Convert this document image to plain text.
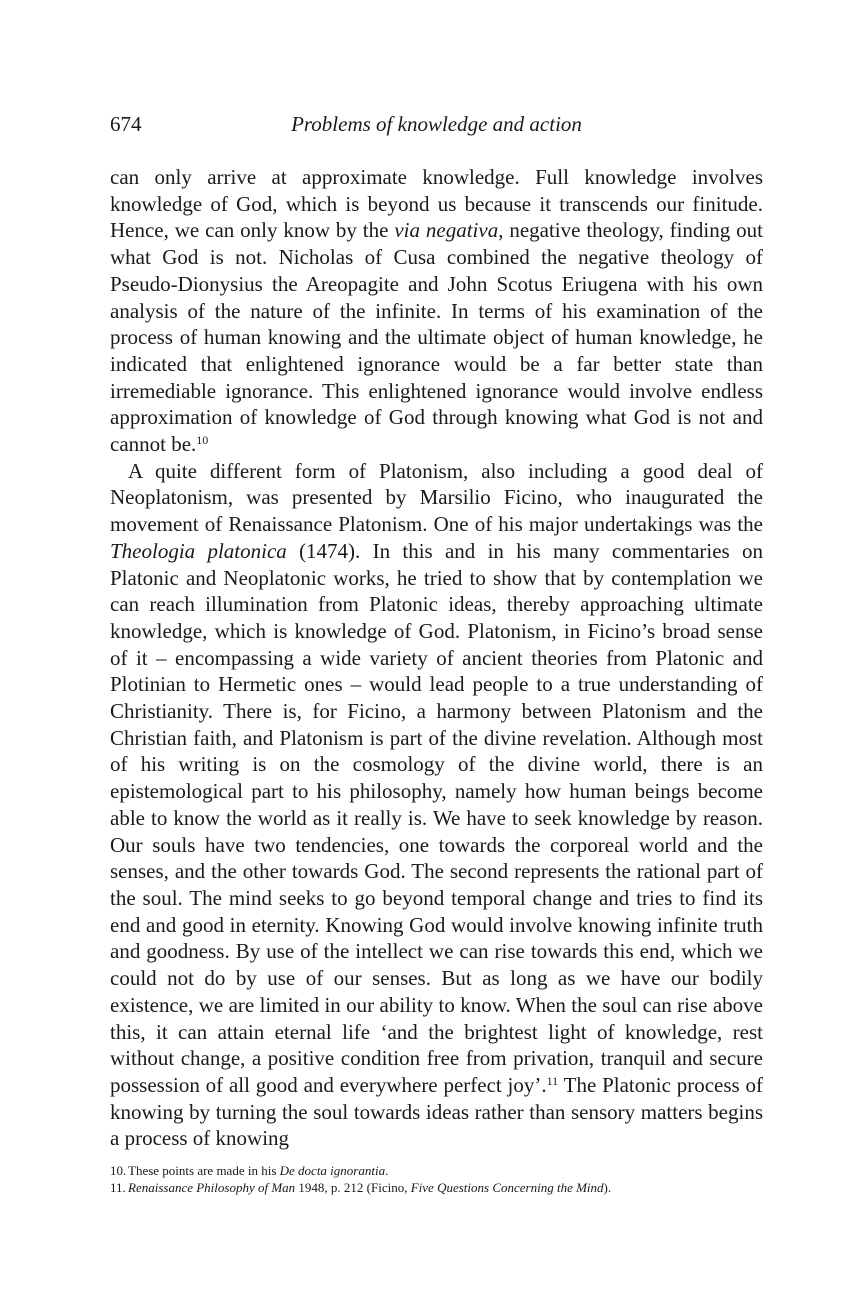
674	Problems of knowledge and action

can only arrive at approximate knowledge. Full knowledge involves knowledge of God, which is beyond us because it transcends our finitude. Hence, we can only know by the via negativa, negative theology, finding out what God is not. Nicholas of Cusa combined the negative theology of Pseudo-Dionysius the Areopagite and John Scotus Eriugena with his own analysis of the nature of the infinite. In terms of his examination of the process of human knowing and the ultimate object of human knowledge, he indicated that enlightened ignorance would be a far better state than irremediable ignorance. This enlightened ignorance would involve endless approximation of knowledge of God through knowing what God is not and cannot be.$^{10}$

A quite different form of Platonism, also including a good deal of Neoplatonism, was presented by Marsilio Ficino, who inaugurated the movement of Renaissance Platonism. One of his major undertakings was the Theologia platonica (1474). In this and in his many commentaries on Platonic and Neoplatonic works, he tried to show that by contemplation we can reach illumination from Platonic ideas, thereby approaching ultimate knowledge, which is knowledge of God. Platonism, in Ficino’s broad sense of it – encompassing a wide variety of ancient theories from Platonic and Plotinian to Hermetic ones – would lead people to a true understanding of Christianity. There is, for Ficino, a harmony between Platonism and the Christian faith, and Platonism is part of the divine revelation. Although most of his writing is on the cosmology of the divine world, there is an epistemological part to his philosophy, namely how human beings become able to know the world as it really is. We have to seek knowledge by reason. Our souls have two tendencies, one towards the corporeal world and the senses, and the other towards God. The second represents the rational part of the soul. The mind seeks to go beyond temporal change and tries to find its end and good in eternity. Knowing God would involve knowing infinite truth and goodness. By use of the intellect we can rise towards this end, which we could not do by use of our senses. But as long as we have our bodily existence, we are limited in our ability to know. When the soul can rise above this, it can attain eternal life ‘and the brightest light of knowledge, rest without change, a positive condition free from privation, tranquil and secure possession of all good and everywhere perfect joy’.$^{11}$ The Platonic process of knowing by turning the soul towards ideas rather than sensory matters begins a process of knowing

10. These points are made in his De docta ignorantia.
11. Renaissance Philosophy of Man 1948, p. 212 (Ficino, Five Questions Concerning the Mind).
